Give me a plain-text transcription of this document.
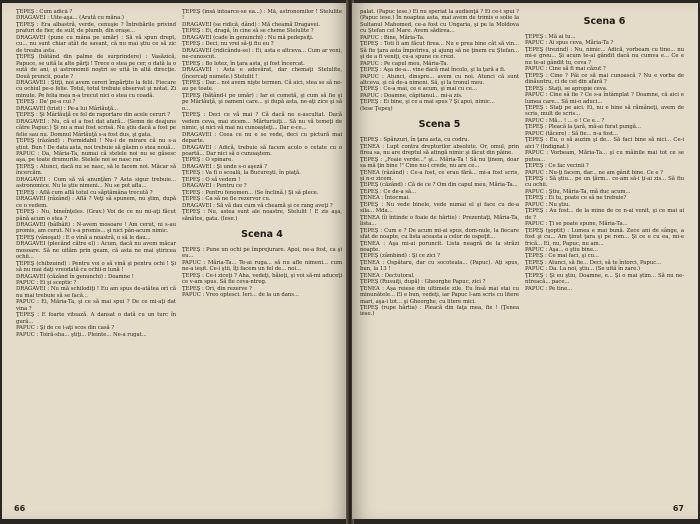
ŢEPEŞ : Cum adică ?

DRAGAVEI : Uite-aşa... (Arată cu mâna.)

ŢEPEŞ : Era albastră, verde, cenuşie ? Întrebările privind prafuri de fier, de sulf, de plumb, din oraşe...

DRAGAVEI (pune cu mâna pe umăr) : Să vă spun drept, cu... nu sunt chiar atât de savant, că nu mai ştiu ce să zic de treaba asta.

ŢEPEŞ (bătând din palme de surprindere) : Vasăzică, Papuce, se uită la alte părţi ! Trece o stea pe cer, o dată la o sută de ani, şi astronomii noştri se uită în altă direcţie. Două pruncii, poate ?

DRAGAVEI : Ştiţi, noi avem cereri împărţite la felii. Fiecare cu ochiul pe-o felie. Totul, totul trebuie observat şi notat. Zi minute. Pe felia mea n-a trecut nici o stea cu coadă.

ŢEPEŞ : Da' pe-a cui ?

DRAGAVEI (trist) : Pe-a lui Mârlăuţă...

ŢEPEŞ : Şi Mârlăuţă ce fel de raportare din acele ceruri ?

DRAGAVEI : Nu, că el a fost dat afară... (Semn de deajuns către Papuc.) Şi nu a mai fost scrisă. Nu ştiu dacă a fost pe felie sau nu. Domnul Mârlăuţă s-a fost dus, şi gata.

ŢEPEŞ (râzând) : Formidabil ! Nu-i de mirare că nu s-a ştiut. Bun ! De data asta, noi trebuie să găsim o stea nouă...

PAPUC : Da, Măria-Ta, numai că stelele noi nu se găsesc aşa, pe toate drumurile. Stelele noi se nasc rar.

ŢEPEŞ : Atunci, dacă nu se nasc, să le facem noi. Măcar să încercăm.

DRAGAVEI : Cum să vă anunţăm ? Asta sigur trebuie... astronomice. Nu le ştie nimeni... Nu se pot afla...

ŢEPEŞ : Află cum află totul cu săptămâna trecută ?

DRAGAVEI (râzând) : Află ? Veţi să spunem, nu ştim, după ce o vedem.

ŢEPEŞ : Nu, bineînţeles. (Grav.) Voi de ce nu mi-aţi făcut până acum o stea ?

DRAGAVEI (bâlbâit) : N-avem mosoare ! Am cerut, ni s-au promis, am cerut. Ni s-a promis... şi nici pân-acum nimic.

ŢEPEŞ (vânoşat) : E o vină a noastră, o să le dau...

DRAGAVEI (plecând către el) : Acum, dacă nu avem măcar mosoare. Să ne uităm prin geam, că asta ne mai ştiricea ochii...

ŢEPEŞ (chibzuind) : Pentru voi o să vină şi pentru ochi ! Şi să nu mai daţi vreodată cu ochii-n lună !

DRAGAVEI (căzând în genunchi) : Doamne !

PAPUC : Ei şi sceptic ?

DRAGAVEI : Nu mă schilodiţi ! Eu am spus de-atâtea ori că nu mai trebuie să se facă...

PAPUC : Ei, Măria-Ta, şi ce să mai spui ? De ce mi-aţi dat vina ?

ŢEPEŞ : E foarte vitează. A dansat o dată cu un turc în gură...

PAPUC : Şi de ce i-aţi scos din casă ?

PAPUC : Toiră-sha... ştiţi... Pleinte... Ne-a rugat...

ŢEPEŞ (însă întoarce-se ea...) : Mă, astronomilor ! Stelulite !

DRAGAVEI (se ridică, dând) : Mă cheamă Dragavei.

ŢEPEŞ : Ei, dragă, în cine să se cheme Stelulite ?

DRAGAVEI (cade în genunchi) : Nu mă pedepsiţi.

ŢEPEŞ : Deci, nu vrei să-ţi fiu eu ?

DRAGAVEI (ridicându-se) : Ei, asta e altceva... Cum ar veni, ne-cunoscut.

ŢEPEŞ : Bo lotez, în ţara asta, şi fost încercat.

DRAGAVEI : Asta e adevărat, dar chemaţi Stelulite, (încercaţi numele.) Stelulit !

ŢEPEŞ : Dar... noi avem nişte termen. Că aici, stea se să ne-au pe toate.

ŢEPEŞ (bătând-i pe umăr) : Iar ei cometă, şi cum să fie şi pe Mârlăuţă, şi oameni care... şi după asta, ne-aţi zice şi să o...

ŢEPEŞ : Deci ce vă mai ? Că dacă ne e-ascultat. Dacă vedem ceva, mai zicem... Mărturisiţi... Să nu vă temeţi de nimic, şi nici vă mai nu cunoaşteţi... Dar e-ce...

DRAGAVEI : Ceea ce nu e se vede, deci cu pictură mai departe.

DRAGAVEI : Adică, trebuie să facem acolo o cetate cu o poartă... Dar nici să o cunoaştem.

ŢEPEŞ : O spinare.

DRAGAVEI : Şi unde s-o aşeză ?

ŢEPEŞ : Va fi o scoală, la Bucureşti, în piaţă.

ŢEPEŞ : O să vedem !

DRAGAVEI : Pentru ce ?

ŢEPEŞ : Pentru fenomen... (Se înclină.) Şi să plece.

ŢEPEŞ : Ca să ne fie rezervor cu.

DRAGAVEI : Să vă dau cum vă cheamă şi ce rang aveţi ?

ŢEPEŞ : Nu, astea sunt ale noastre, Stelulit ! E zis aşa, sănătos, gata. (Iese.)

Scena 4

ŢEPEŞ : Pune un ochi pe împrejurare. Apoi, ne-a fost, ca şi eu...

PAPUC : Măria-Ta... Te-ai ruga... să nu afle nimeni... cum ne-a ieşit. Ce-i ştii, îţi facem un fel de... noi...

ŢEPEŞ : Ce-i ziceţi ? Aha, vedeţi, băieţi, şi voi să-mi aduceţi ce v-am spus. Să fie ceva-ntreg.

ŢEPEŞ : Ori, din rezerve ?

PAPUC : Vreo optesci. Ieri... de la un dans...

66

palat. (Papuc iese.) Ei nu speriat la audienţă ? Ei ce-i spui ? (Papuc iese.) În noaptea asta, mai avem de trimis o solie la Sultanul Mahomed, ce-a fost cu Ungaria, şi pe la Moldova cu Ştefan cel Mare. Avem sădirea...

PAPUC : Bine, Măria-Ta.

ŢEPEŞ : Toti îi am făcut firea... Nu e prea bine cât să vin... Să fie ţara asta împotriva, şi ajung să ne ţinem cu Ştefan... şi de a fi veniţi, cu-a spune ce crezi.

PAPUC : Pe capul meu, Măria-Ta.

ŢEPEŞ : Aşa de-a... vine dacă mai încolo, şi la ţară a fi.

PAPUC : Atunci, dinspre... avem cu noi. Atunci că sunt altceva, şi că de-a nimeni. Să, şi la tronul meu.

ŢEPEŞ : Ce-a mai, ce e acum, şi mai cu ce...

PAPUC : Doamne, căpitanul... mi-a zis.

ŢEPEŞ : Ei bine, şi ce a mai spus ? Şi apoi, nimic...

(Iese Ţepeş)

Scena 5

ŢEPEŞ : Spânzuri, în ţara asta, cu codru.

ŢENEA : Lupt contra drepturilor absolute. Or, omul, prin firea sa, nu are dreptul să atingă nimic şi făcut din pâine.

ŢEPEŞ : „Foaie verde..." şi... Măria-Ta ! Să nu ţinem, doar sa mă ţin bine !" Cine nu-i crede, nu are ce...

ŢENEA (râzând) : Ce-a fost, ce erau fără... mi-a fost scris, şi n-o zicem.

ŢEPEŞ (căzând) : Că de ce ? Om din capul meu, Măria-Ta...

ŢEPEŞ : Ce de-a să...

ŢENEA : Întocmai.

ŢEPEŞ : Nu vede binele, vede numai el şi face cu de-a sila... Mda...

ŢENEA (îi întinde o foaie de hârtie) : Prezentaţi, Măria-Ta, lista...

ŢEPEŞ : Cum e ? De acum mi-ai spus, dom-nule, la fiecare sfat de noapte, cu lista aceasta a celor de ospeţit...

ŢENEA : Aşa mi-ai poruncit. Lista neagră de la străzi noapte.

ŢEPEŞ (zâmbind) : Şi ce zici ?

ŢENEA : Ospătaru, dar cu socoteala... (Papuc). Aţi spus, bun, la 13 !

ŢENEA : Dectutoral.

ŢEPEŞ (Rusuiţi, după) : Gheorghe Papuc, zici ?

ŢENEA : Aşa reiese din ultimele zile. Eu însă mai stai cu minunătele... El e bun, vedeţi, iar Papuc l-am scris cu litere mari, aşa-i tot... şi Gheorghe, cu litere mici.

ŢEPEŞ (rupe hârtia) : Pleacă din faţa mea, fie ! (Ţenea iese.)

Scena 6

ŢEPEŞ : Mă ai tu...

PAPUC : Ai spus ceva, Măria-Ta ?

ŢEPEŞ (trezind) : Nu, nimic... Adică, vorbeam cu tine... nu mi-e greu... Şi acum te-ai gândit dacă nu cumva e... Ce e nu te-ai gândit tu, ceva ?

PAPUC : Cine să fi mai căzut ?

ŢEPEŞ : Cine ? Păi ce să mai cunoască ? Nu e vorba de dinăuntru, ci de cei din afară ?

ŢEPEŞ : Staţi, se apropie ceva.

PAPUC : Cine să fie ? Ce s-a întâmplat ? Doamne, că aici e lumea care... Să mi-o aduci...

ŢEPEŞ : Staţi pe aici. Ei, nu e bine să rămâneţi, avem de scris, mult de scris...

PAPUC : Mă... ! ... o ! Ce e... ?

ŢEPEŞ : Pleacă la ţară, mă-ai furat pungă...

PAPUC (tăcere) : Să fie... n-a fost...

ŢEPEŞ : Eu, o să auzim şi de... Să faci bine să nici... Ce-i aici ? (Indignat.)

PAPUC : Vorbeam, Măria-Ta... şi cu mâinile mai tot ce se putea...

ŢEPEŞ : Ce fac vecinii ?

PAPUC : Nu-ţi facem, dar... ne am gânit bine. Ce e ?

ŢEPEŞ : Să ştiu... pe un ţărm... ce-am să-i ţi-ai zis... Să fiu cu ochii.

PAPUC : Ştiu, Măria-Ta, mă duc acum...

ŢEPEŞ : Ei tu, poate ce să ne trebuie?

PAPUC : Nu ştiu.

ŢEPEŞ : Au fost... de la mine de ce n-ai venit, şi ce mai ai de ?

PAPUC : Ţi se poate spune, Măria-Ta...

ŢEPEŞ (şoptit) : Lumea e mai bună. Zece ani de sânge, a fost şi cu... Am ţinut ţara şi pe rom... Şi ce e cu ea, mi-e frică... Ei, nu, Papuc, nu am...

PAPUC : Aşa... o ştiu bine...

ŢEPEŞ : Ce mai faci, şi cu...

ŢEPEŞ : Atunci, să fie... Deci, să te întorci, Papuc...

PAPUC : Da. La noi, ştiu... (Se uită în zare.)

ŢEPEŞ : Şi eu ştiu, Doamne, e... Şi o mai ştim... Să nu ne-ntreacă... pace...

PAPUC : Pe tine...

67
